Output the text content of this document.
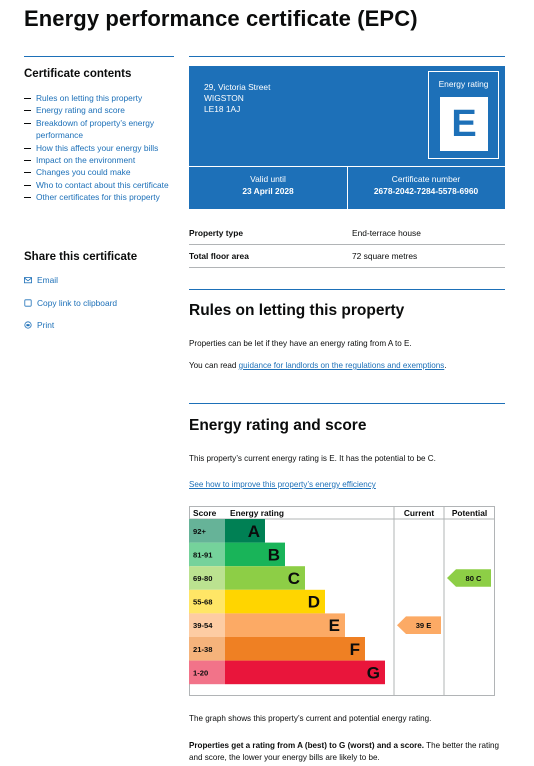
Energy performance certificate (EPC)
Certificate contents
Rules on letting this property
Energy rating and score
Breakdown of property’s energy performance
How this affects your energy bills
Impact on the environment
Changes you could make
Who to contact about this certificate
Other certificates for this property
Share this certificate
Email
Copy link to clipboard
Print
29, Victoria Street
WIGSTON
LE18 1AJ
Energy rating
E
Valid until
23 April 2028
Certificate number
2678-2042-7284-5578-6960
Property type	End-terrace house
Total floor area	72 square metres
Rules on letting this property
Properties can be let if they have an energy rating from A to E.
You can read guidance for landlords on the regulations and exemptions.
Energy rating and score
This property’s current energy rating is E. It has the potential to be C.
See how to improve this property’s energy efficiency
Score Energy rating	Current Potential
92+ A
81-91	B
69-80	C
55-68	D
39-54	E
21-38	F
1-20	G
39 E
80 C
The graph shows this property’s current and potential energy rating.
Properties get a rating from A (best) to G (worst) and a score. The better the rating and score, the lower your energy bills are likely to be.
